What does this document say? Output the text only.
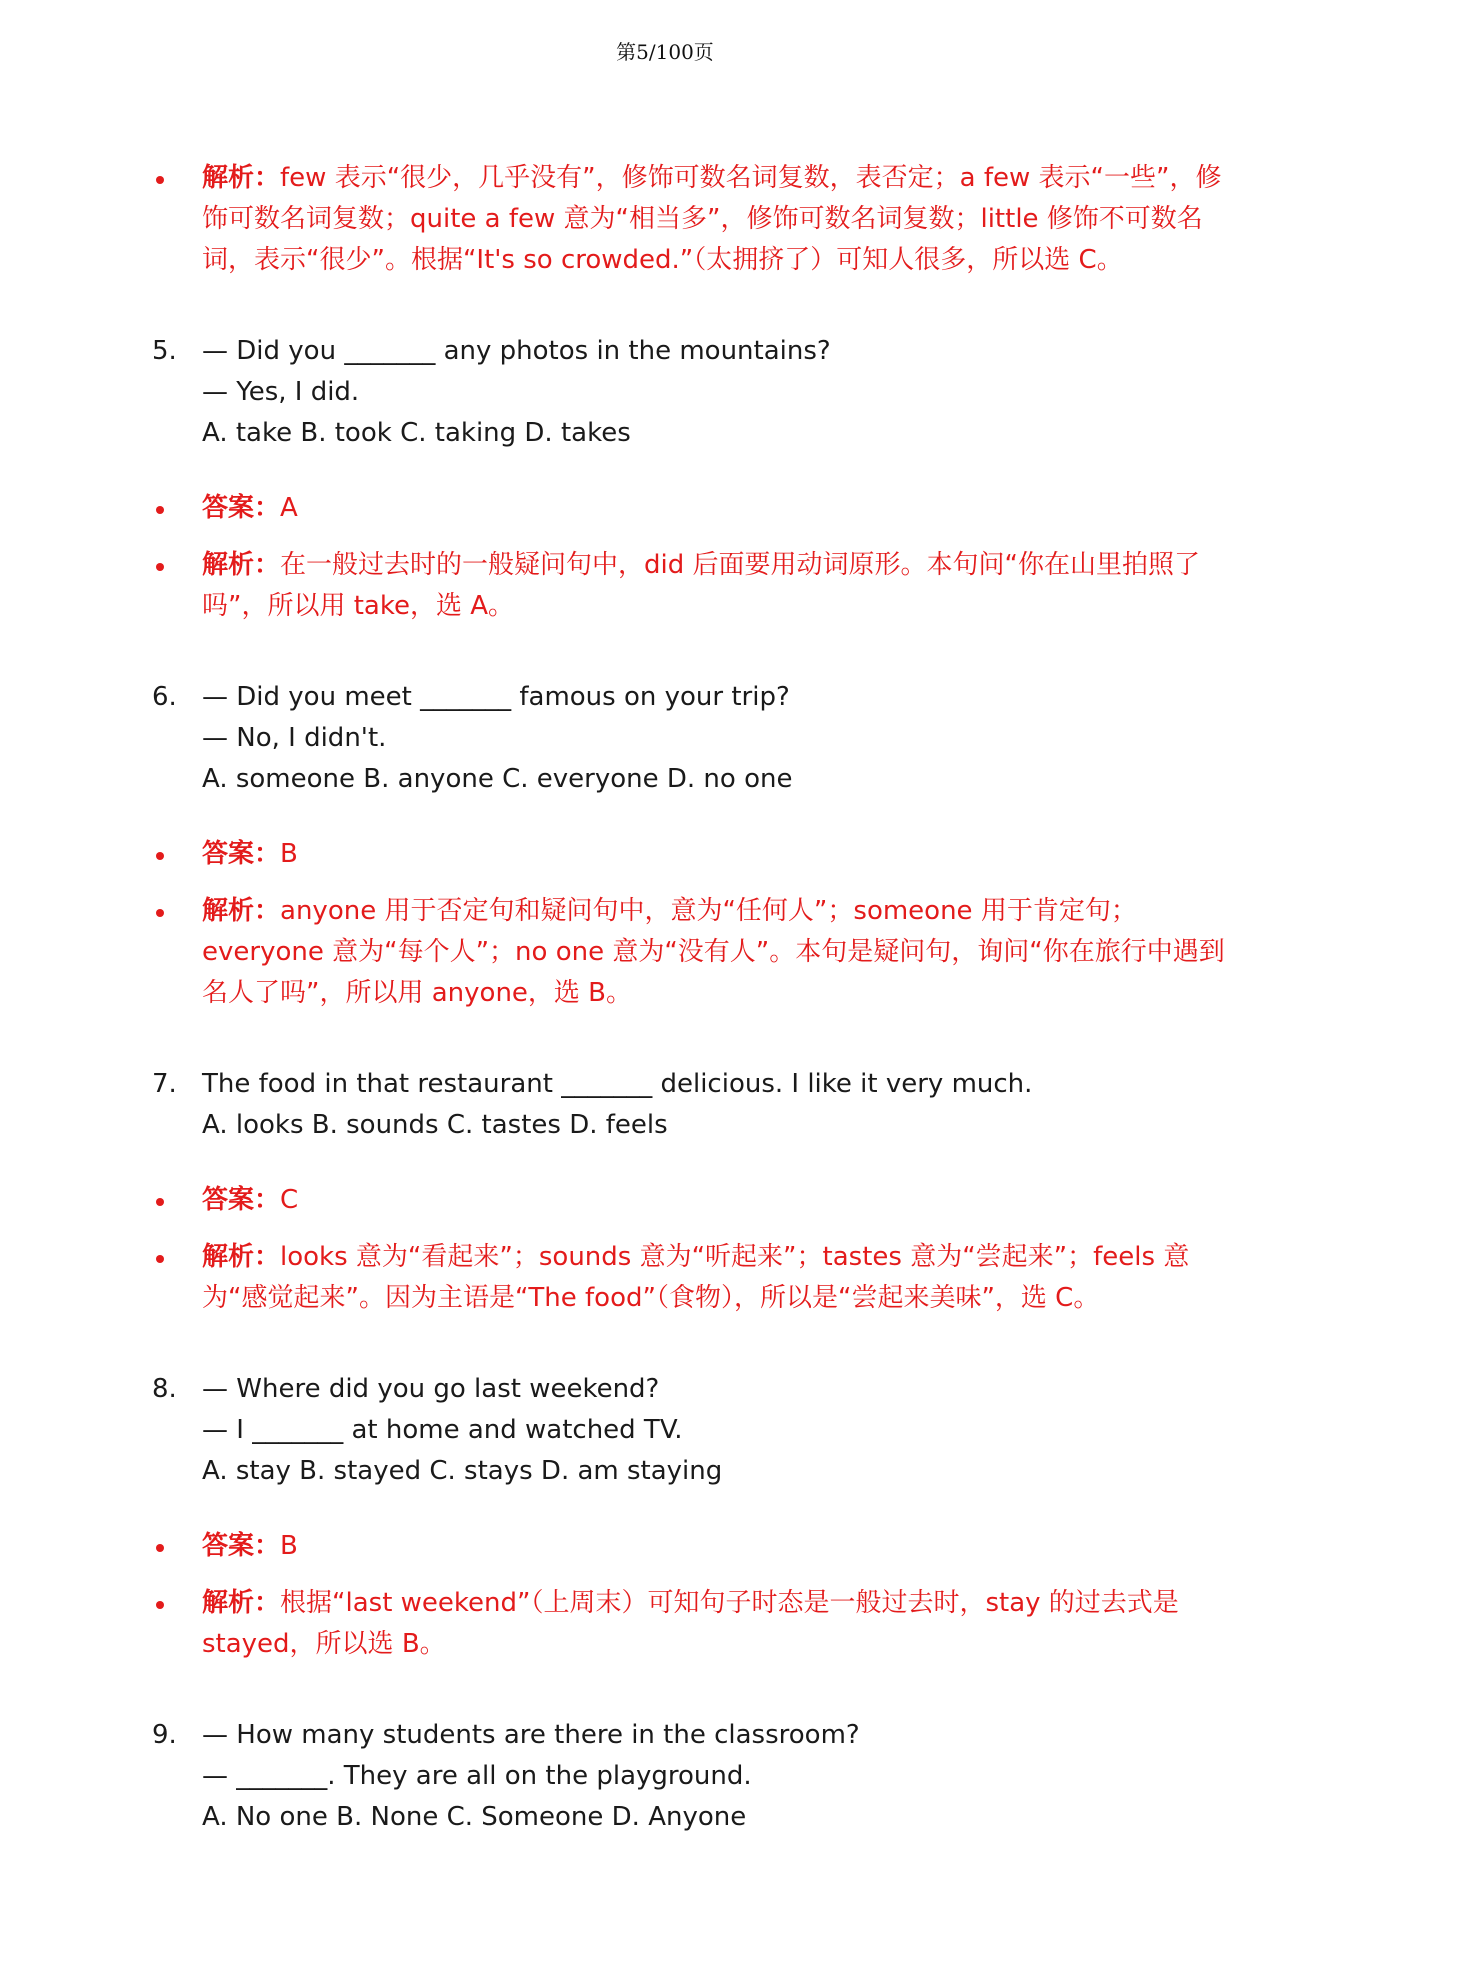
第5/100页
解析：few 表示“很少，几乎没有”，修饰可数名词复数，表否定；a few 表示“一些”，修饰可数名词复数；quite a few 意为“相当多”，修饰可数名词复数；little 修饰不可数名词，表示“很少”。根据“It's so crowded.”（太拥挤了）可知人很多，所以选 C。
5. — Did you _______ any photos in the mountains?
— Yes, I did.
A. take B. took C. taking D. takes
答案：A
解析：在一般过去时的一般疑问句中，did 后面要用动词原形。本句问“你在山里拍照了吗”，所以用 take，选 A。
6. — Did you meet _______ famous on your trip?
— No, I didn't.
A. someone B. anyone C. everyone D. no one
答案：B
解析：anyone 用于否定句和疑问句中，意为“任何人”；someone 用于肯定句；everyone 意为“每个人”；no one 意为“没有人”。本句是疑问句，询问“你在旅行中遇到名人了吗”，所以用 anyone，选 B。
7. The food in that restaurant _______ delicious. I like it very much.
A. looks B. sounds C. tastes D. feels
答案：C
解析：looks 意为“看起来”；sounds 意为“听起来”；tastes 意为“尝起来”；feels 意为“感觉起来”。因为主语是“The food”（食物），所以是“尝起来美味”，选 C。
8. — Where did you go last weekend?
— I _______ at home and watched TV.
A. stay B. stayed C. stays D. am staying
答案：B
解析：根据“last weekend”（上周末）可知句子时态是一般过去时，stay 的过去式是 stayed，所以选 B。
9. — How many students are there in the classroom?
— _______. They are all on the playground.
A. No one B. None C. Someone D. Anyone
